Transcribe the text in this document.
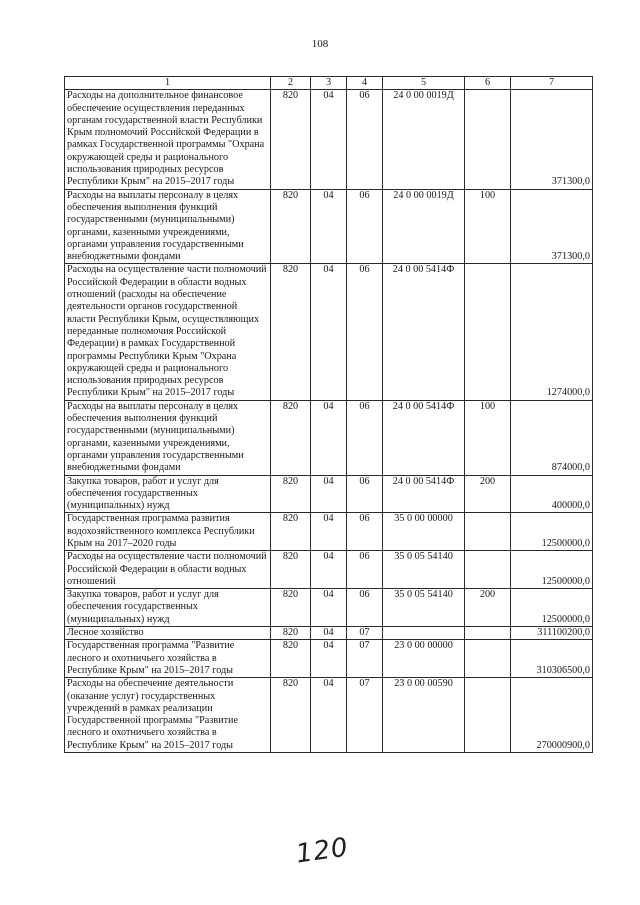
108
1	2	3	4	5	6	7
Расходы на дополнительное финансовое обеспечение осуществления переданных органам государственной власти Республики Крым полномочий Российской Федерации в рамках Государственной программы "Охрана окружающей среды и рационального использования природных ресурсов Республики Крым" на 2015–2017 годы	820	04	06	24 0 00 0019Д		371300,0
Расходы на выплаты персоналу в целях обеспечения выполнения функций государственными (муниципальными) органами, казенными учреждениями, органами управления государственными внебюджетными фондами	820	04	06	24 0 00 0019Д	100	371300,0
Расходы на осуществление части полномочий Российской Федерации в области водных отношений (расходы на обеспечение деятельности органов государственной власти Республики Крым, осуществляющих переданные полномочия Российской Федерации) в рамках Государственной программы Республики Крым "Охрана окружающей среды и рационального использования природных ресурсов Республики Крым" на 2015–2017 годы	820	04	06	24 0 00 5414Ф		1274000,0
Расходы на выплаты персоналу в целях обеспечения выполнения функций государственными (муниципальными) органами, казенными учреждениями, органами управления государственными внебюджетными фондами	820	04	06	24 0 00 5414Ф	100	874000,0
Закупка товаров, работ и услуг для обеспечения государственных (муниципальных) нужд	820	04	06	24 0 00 5414Ф	200	400000,0
Государственная программа развития водохозяйственного комплекса Республики Крым на 2017–2020 годы	820	04	06	35 0 00 00000		12500000,0
Расходы на осуществление части полномочий Российской Федерации в области водных отношений	820	04	06	35 0 05 54140		12500000,0
Закупка товаров, работ и услуг для обеспечения государственных (муниципальных) нужд	820	04	06	35 0 05 54140	200	12500000,0
Лесное хозяйство	820	04	07			311100200,0
Государственная программа "Развитие лесного и охотничьего хозяйства в Республике Крым" на 2015–2017 годы	820	04	07	23 0 00 00000		310306500,0
Расходы на обеспечение деятельности (оказание услуг) государственных учреждений в рамках реализации Государственной программы "Развитие лесного и охотничьего хозяйства в Республике Крым" на 2015–2017 годы	820	04	07	23 0 00 00590		270000900,0
120
